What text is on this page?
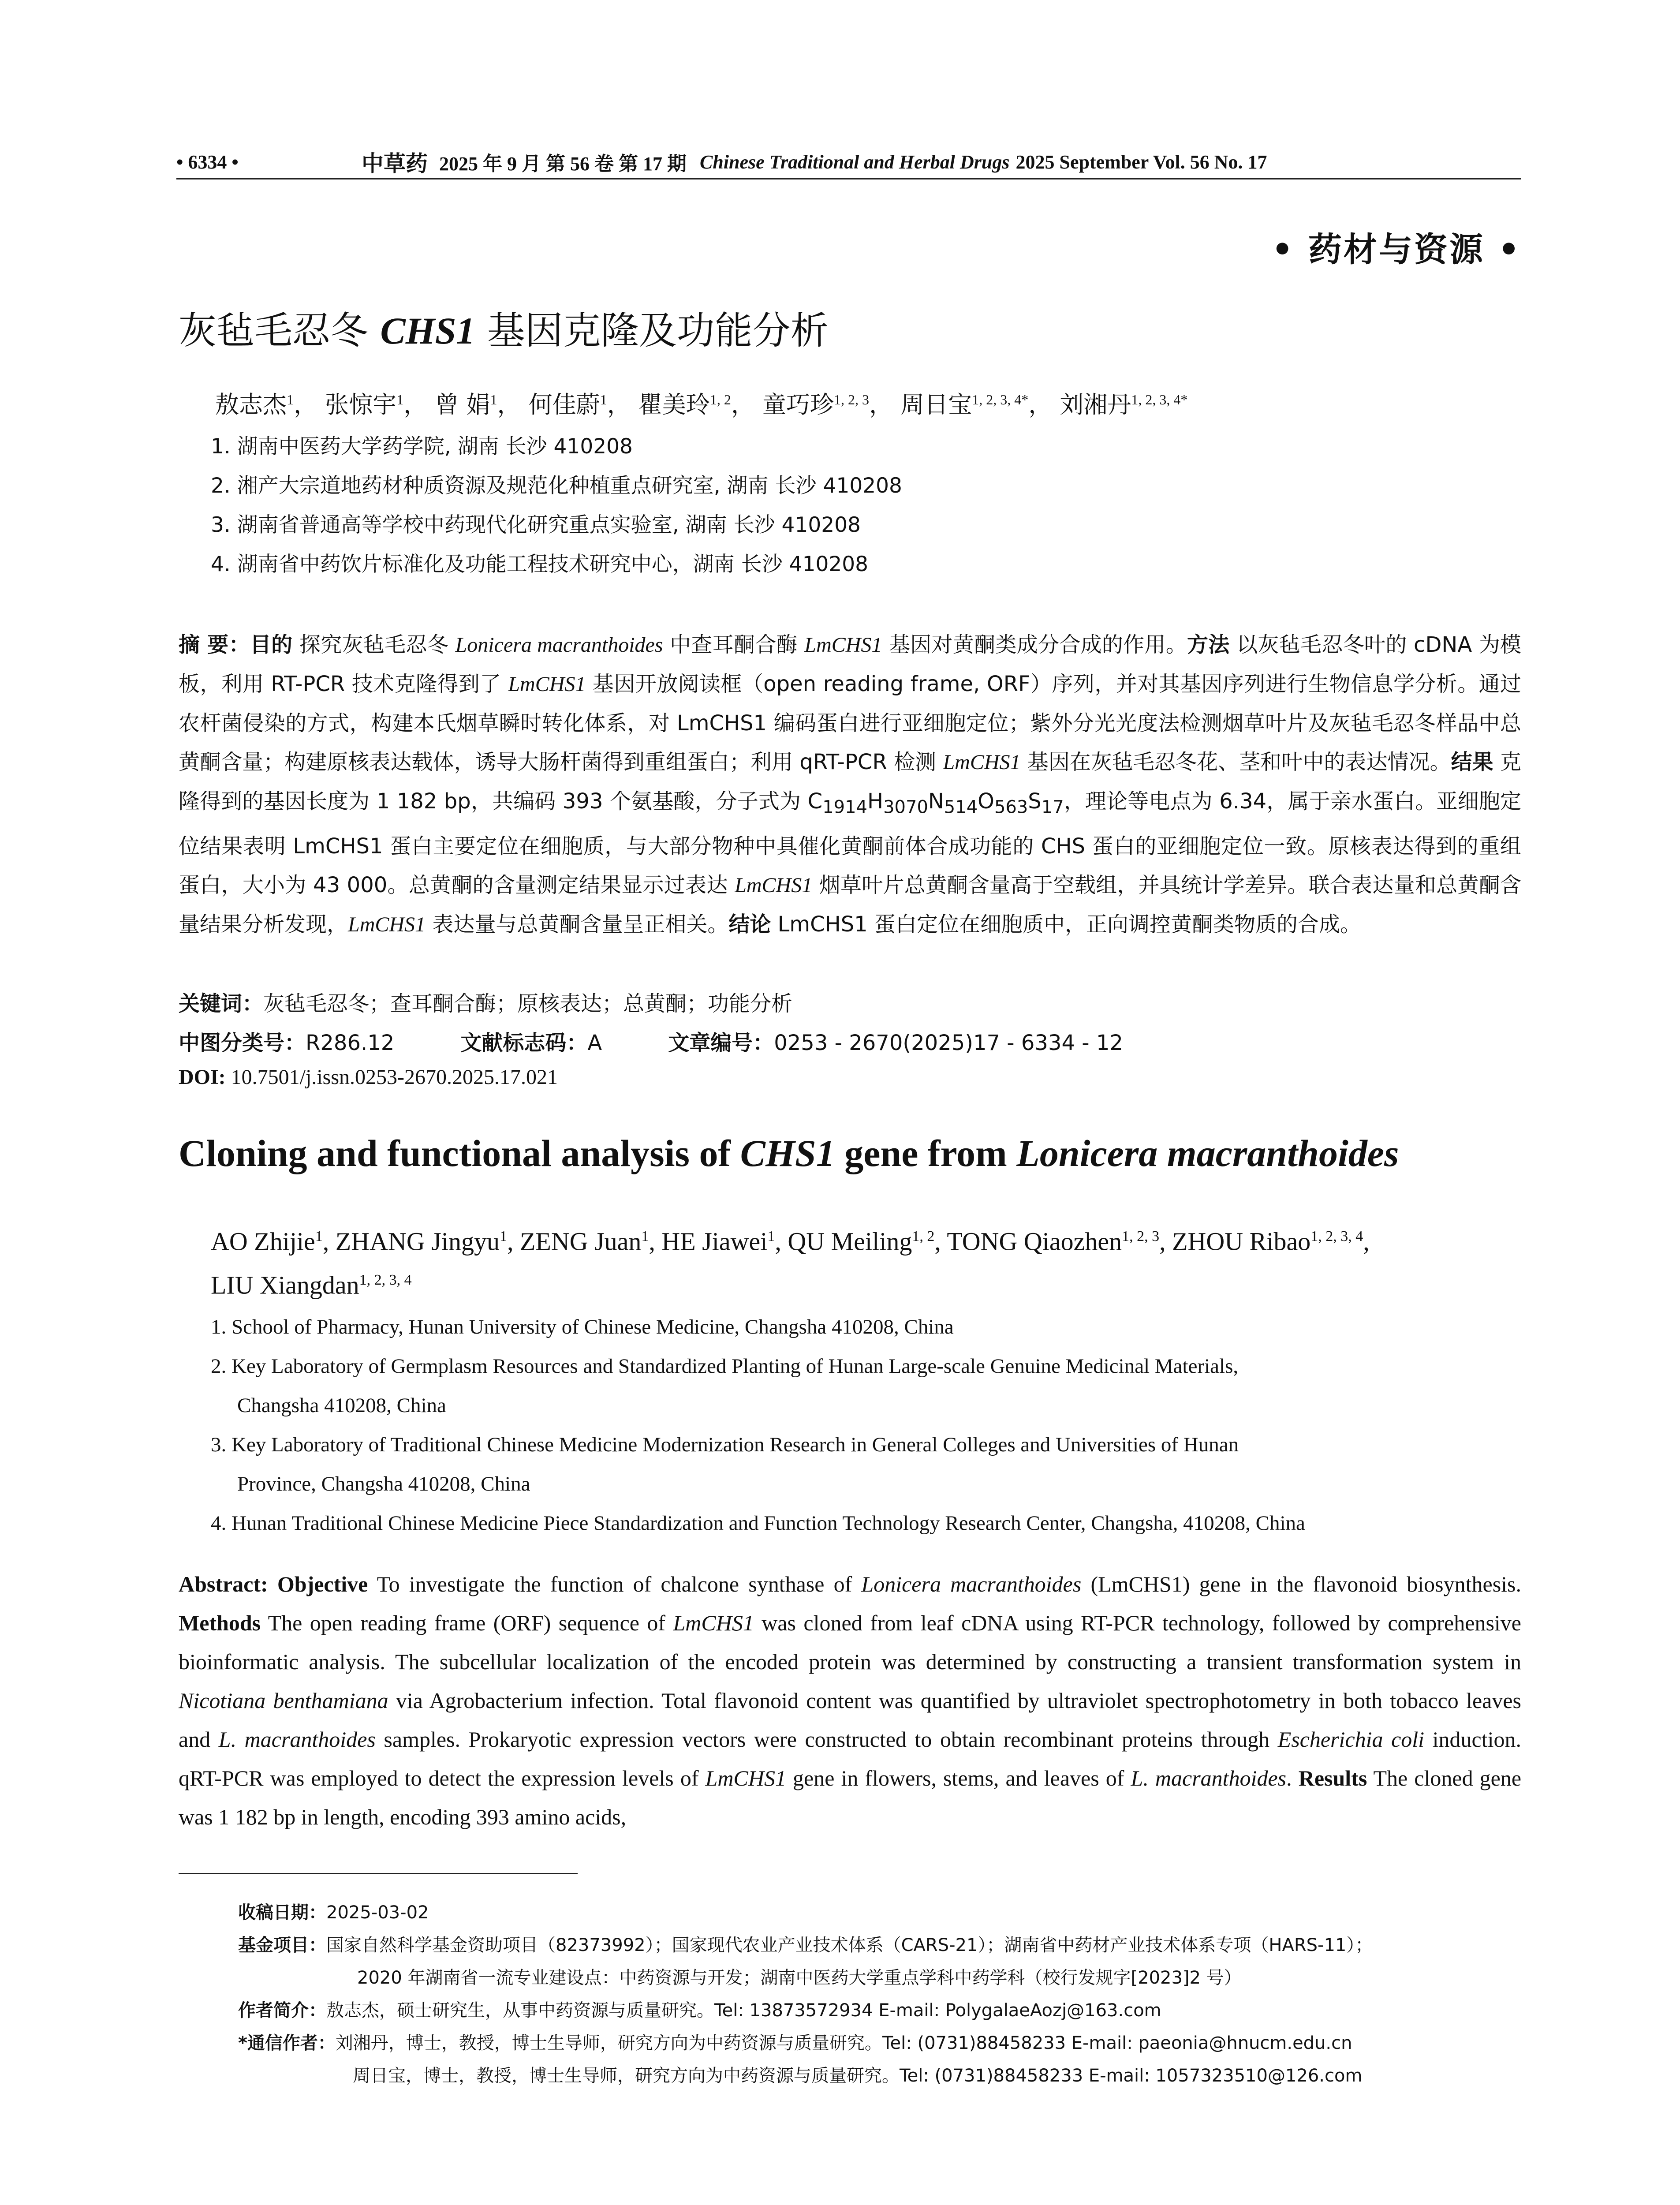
• 6334 •	中草药 2025 年 9 月 第 56 卷 第 17 期 Chinese Traditional and Herbal Drugs 2025 September Vol. 56 No. 17
• 药材与资源 •
灰毡毛忍冬 CHS1 基因克隆及功能分析
敖志杰$^1$， 张惊宇$^1$， 曾 娟$^1$， 何佳蔚$^1$， 瞿美玲$^{1, 2}$， 童巧珍$^{1, 2, 3}$， 周日宝$^{1, 2, 3, 4*}$， 刘湘丹$^{1, 2, 3, 4*}$
1. 湖南中医药大学药学院, 湖南 长沙 410208
2. 湘产大宗道地药材种质资源及规范化种植重点研究室, 湖南 长沙 410208
3. 湖南省普通高等学校中药现代化研究重点实验室, 湖南 长沙 410208
4. 湖南省中药饮片标准化及功能工程技术研究中心，湖南 长沙 410208
摘 要：目的 探究灰毡毛忍冬 Lonicera macranthoides 中查耳酮合酶 LmCHS1 基因对黄酮类成分合成的作用。方法 以灰毡毛忍冬叶的 cDNA 为模板，利用 RT-PCR 技术克隆得到了 LmCHS1 基因开放阅读框（open reading frame, ORF）序列，并对其基因序列进行生物信息学分析。通过农杆菌侵染的方式，构建本氏烟草瞬时转化体系，对 LmCHS1 编码蛋白进行亚细胞定位；紫外分光光度法检测烟草叶片及灰毡毛忍冬样品中总黄酮含量；构建原核表达载体，诱导大肠杆菌得到重组蛋白；利用 qRT-PCR 检测 LmCHS1 基因在灰毡毛忍冬花、茎和叶中的表达情况。结果 克隆得到的基因长度为 1 182 bp，共编码 393 个氨基酸，分子式为 $C_{1914}H_{3070}N_{514}O_{563}S_{17}$，理论等电点为 6.34，属于亲水蛋白。亚细胞定位结果表明 LmCHS1 蛋白主要定位在细胞质，与大部分物种中具催化黄酮前体合成功能的 CHS 蛋白的亚细胞定位一致。原核表达得到的重组蛋白，大小为 43 000。总黄酮的含量测定结果显示过表达 LmCHS1 烟草叶片总黄酮含量高于空载组，并具统计学差异。联合表达量和总黄酮含量结果分析发现，LmCHS1 表达量与总黄酮含量呈正相关。结论 LmCHS1 蛋白定位在细胞质中，正向调控黄酮类物质的合成。
关键词：灰毡毛忍冬；查耳酮合酶；原核表达；总黄酮；功能分析
中图分类号：R286.12	文献标志码：A	文章编号：0253 - 2670(2025)17 - 6334 - 12
DOI: 10.7501/j.issn.0253-2670.2025.17.021
Cloning and functional analysis of CHS1 gene from Lonicera macranthoides
AO Zhijie$^1$, ZHANG Jingyu$^1$, ZENG Juan$^1$, HE Jiawei$^1$, QU Meiling$^{1, 2}$, TONG Qiaozhen$^{1, 2, 3}$, ZHOU Ribao$^{1, 2, 3, 4}$,
LIU Xiangdan$^{1, 2, 3, 4}$
1. School of Pharmacy, Hunan University of Chinese Medicine, Changsha 410208, China
2. Key Laboratory of Germplasm Resources and Standardized Planting of Hunan Large-scale Genuine Medicinal Materials,
Changsha 410208, China
3. Key Laboratory of Traditional Chinese Medicine Modernization Research in General Colleges and Universities of Hunan
Province, Changsha 410208, China
4. Hunan Traditional Chinese Medicine Piece Standardization and Function Technology Research Center, Changsha, 410208, China
Abstract: Objective To investigate the function of chalcone synthase of Lonicera macranthoides (LmCHS1) gene in the flavonoid biosynthesis. Methods The open reading frame (ORF) sequence of LmCHS1 was cloned from leaf cDNA using RT-PCR technology, followed by comprehensive bioinformatic analysis. The subcellular localization of the encoded protein was determined by constructing a transient transformation system in Nicotiana benthamiana via Agrobacterium infection. Total flavonoid content was quantified by ultraviolet spectrophotometry in both tobacco leaves and L. macranthoides samples. Prokaryotic expression vectors were constructed to obtain recombinant proteins through Escherichia coli induction. qRT-PCR was employed to detect the expression levels of LmCHS1 gene in flowers, stems, and leaves of L. macranthoides. Results The cloned gene was 1 182 bp in length, encoding 393 amino acids,
收稿日期： 2025-03-02
基金项目： 国家自然科学基金资助项目（82373992）；国家现代农业产业技术体系（CARS-21）；湖南省中药材产业技术体系专项（HARS-11）；
2020 年湖南省一流专业建设点：中药资源与开发；湖南中医药大学重点学科中药学科（校行发规字[2023]2 号）
作者简介： 敖志杰，硕士研究生，从事中药资源与质量研究。Tel: 13873572934 E-mail: PolygalaeAozj@163.com
*通信作者： 刘湘丹，博士，教授，博士生导师，研究方向为中药资源与质量研究。Tel: (0731)88458233 E-mail: paeonia@hnucm.edu.cn
周日宝，博士，教授，博士生导师，研究方向为中药资源与质量研究。Tel: (0731)88458233 E-mail: 1057323510@126.com
